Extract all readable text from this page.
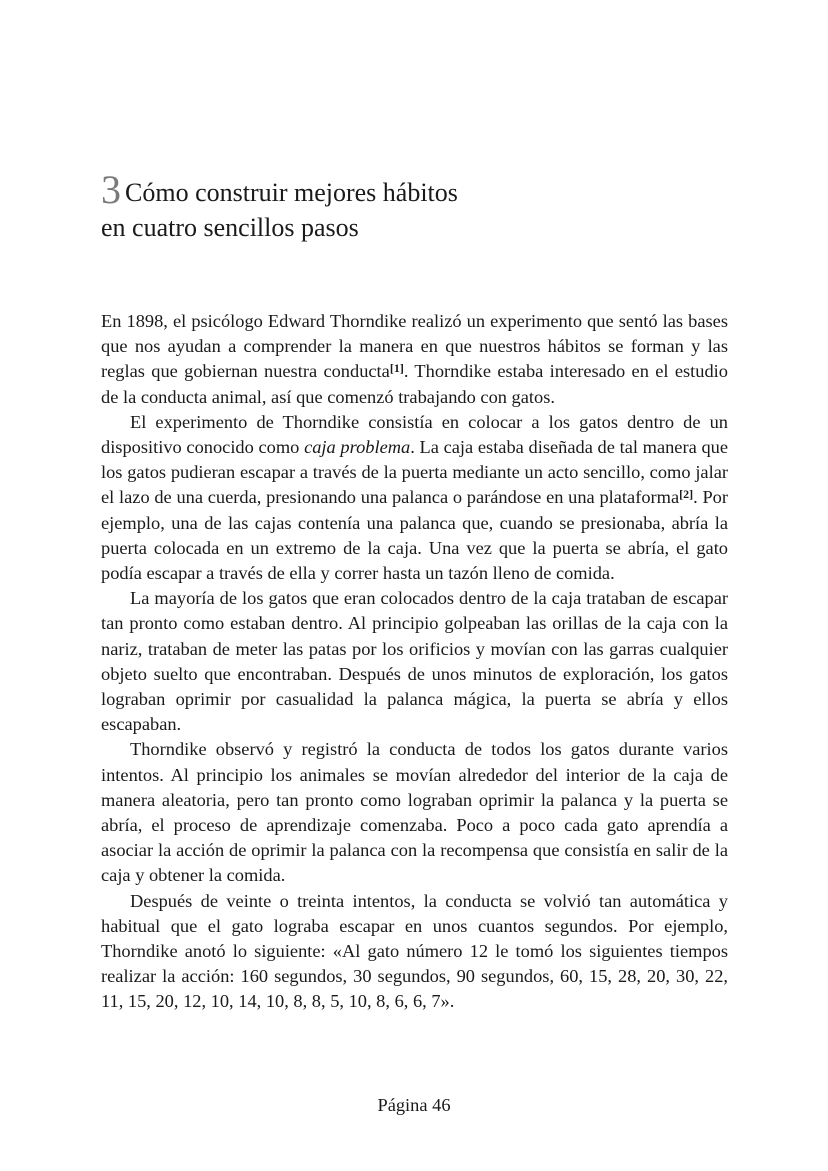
3 Cómo construir mejores hábitos
en cuatro sencillos pasos

En 1898, el psicólogo Edward Thorndike realizó un experimento que sentó las bases que nos ayudan a comprender la manera en que nuestros hábitos se forman y las reglas que gobiernan nuestra conducta[1]. Thorndike estaba interesado en el estudio de la conducta animal, así que comenzó trabajando con gatos.

El experimento de Thorndike consistía en colocar a los gatos dentro de un dispositivo conocido como caja problema. La caja estaba diseñada de tal manera que los gatos pudieran escapar a través de la puerta mediante un acto sencillo, como jalar el lazo de una cuerda, presionando una palanca o parándose en una plataforma[2]. Por ejemplo, una de las cajas contenía una palanca que, cuando se presionaba, abría la puerta colocada en un extremo de la caja. Una vez que la puerta se abría, el gato podía escapar a través de ella y correr hasta un tazón lleno de comida.

La mayoría de los gatos que eran colocados dentro de la caja trataban de escapar tan pronto como estaban dentro. Al principio golpeaban las orillas de la caja con la nariz, trataban de meter las patas por los orificios y movían con las garras cualquier objeto suelto que encontraban. Después de unos minutos de exploración, los gatos lograban oprimir por casualidad la palanca mágica, la puerta se abría y ellos escapaban.

Thorndike observó y registró la conducta de todos los gatos durante varios intentos. Al principio los animales se movían alrededor del interior de la caja de manera aleatoria, pero tan pronto como lograban oprimir la palanca y la puerta se abría, el proceso de aprendizaje comenzaba. Poco a poco cada gato aprendía a asociar la acción de oprimir la palanca con la recompensa que consistía en salir de la caja y obtener la comida.

Después de veinte o treinta intentos, la conducta se volvió tan automática y habitual que el gato lograba escapar en unos cuantos segundos. Por ejemplo, Thorndike anotó lo siguiente: «Al gato número 12 le tomó los siguientes tiempos realizar la acción: 160 segundos, 30 segundos, 90 segundos, 60, 15, 28, 20, 30, 22, 11, 15, 20, 12, 10, 14, 10, 8, 8, 5, 10, 8, 6, 6, 7».

Página 46
